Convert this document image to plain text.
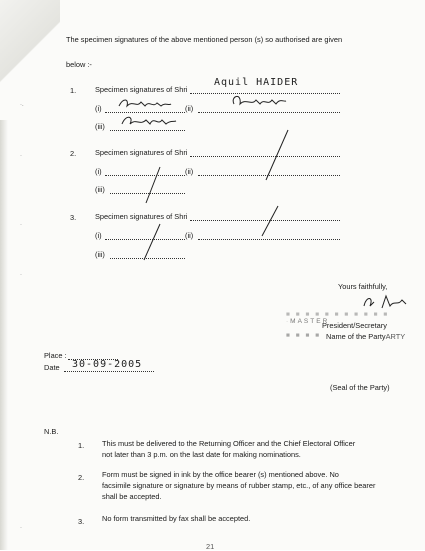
The specimen signatures of the above mentioned person (s) so authorised are given
below :-
1.	Specimen signatures of Shri
Aquil HAIDER
(i)	(ii)
(iii)
2.	Specimen signatures of Shri
(i)	(ii)
(iii)
3.	Specimen signatures of Shri
(i)	(ii)
(iii)
Yours faithfully,
■ ■ ■ ■ ■ ■ ■ ■ ■ ■ ■ ·MASTER
President/Secretary
■ ■ ■ ■ Name of the PartyARTY
Place :
Date 30-09-2005
(Seal of the Party)
N.B.
1. This must be delivered to the Returning Officer and the Chief Electoral Officer
not later than 3 p.m. on the last date for making nominations.
2. Form must be signed in ink by the office bearer (s) mentioned above. No
facsimile signature or signature by means of rubber stamp, etc., of any office bearer
shall be accepted.
3. No form transmitted by fax shall be accepted.
21
·.
·
·
·
·
